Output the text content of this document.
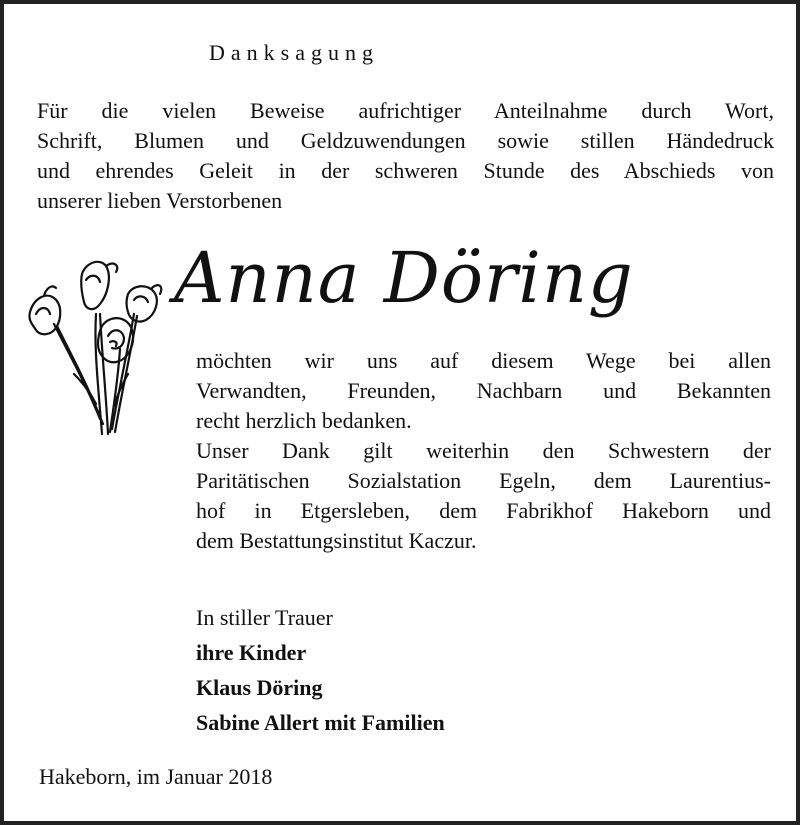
Danksagung
Für die vielen Beweise aufrichtiger Anteilnahme durch Wort,
Schrift, Blumen und Geldzuwendungen sowie stillen Händedruck
und ehrendes Geleit in der schweren Stunde des Abschieds von
unserer lieben Verstorbenen
Anna Döring
möchten wir uns auf diesem Wege bei allen
Verwandten, Freunden, Nachbarn und Bekannten
recht herzlich bedanken.
Unser Dank gilt weiterhin den Schwestern der
Paritätischen Sozialstation Egeln, dem Laurentius-
hof in Etgersleben, dem Fabrikhof Hakeborn und
dem Bestattungsinstitut Kaczur.
In stiller Trauer
ihre Kinder
Klaus Döring
Sabine Allert mit Familien
Hakeborn, im Januar 2018
